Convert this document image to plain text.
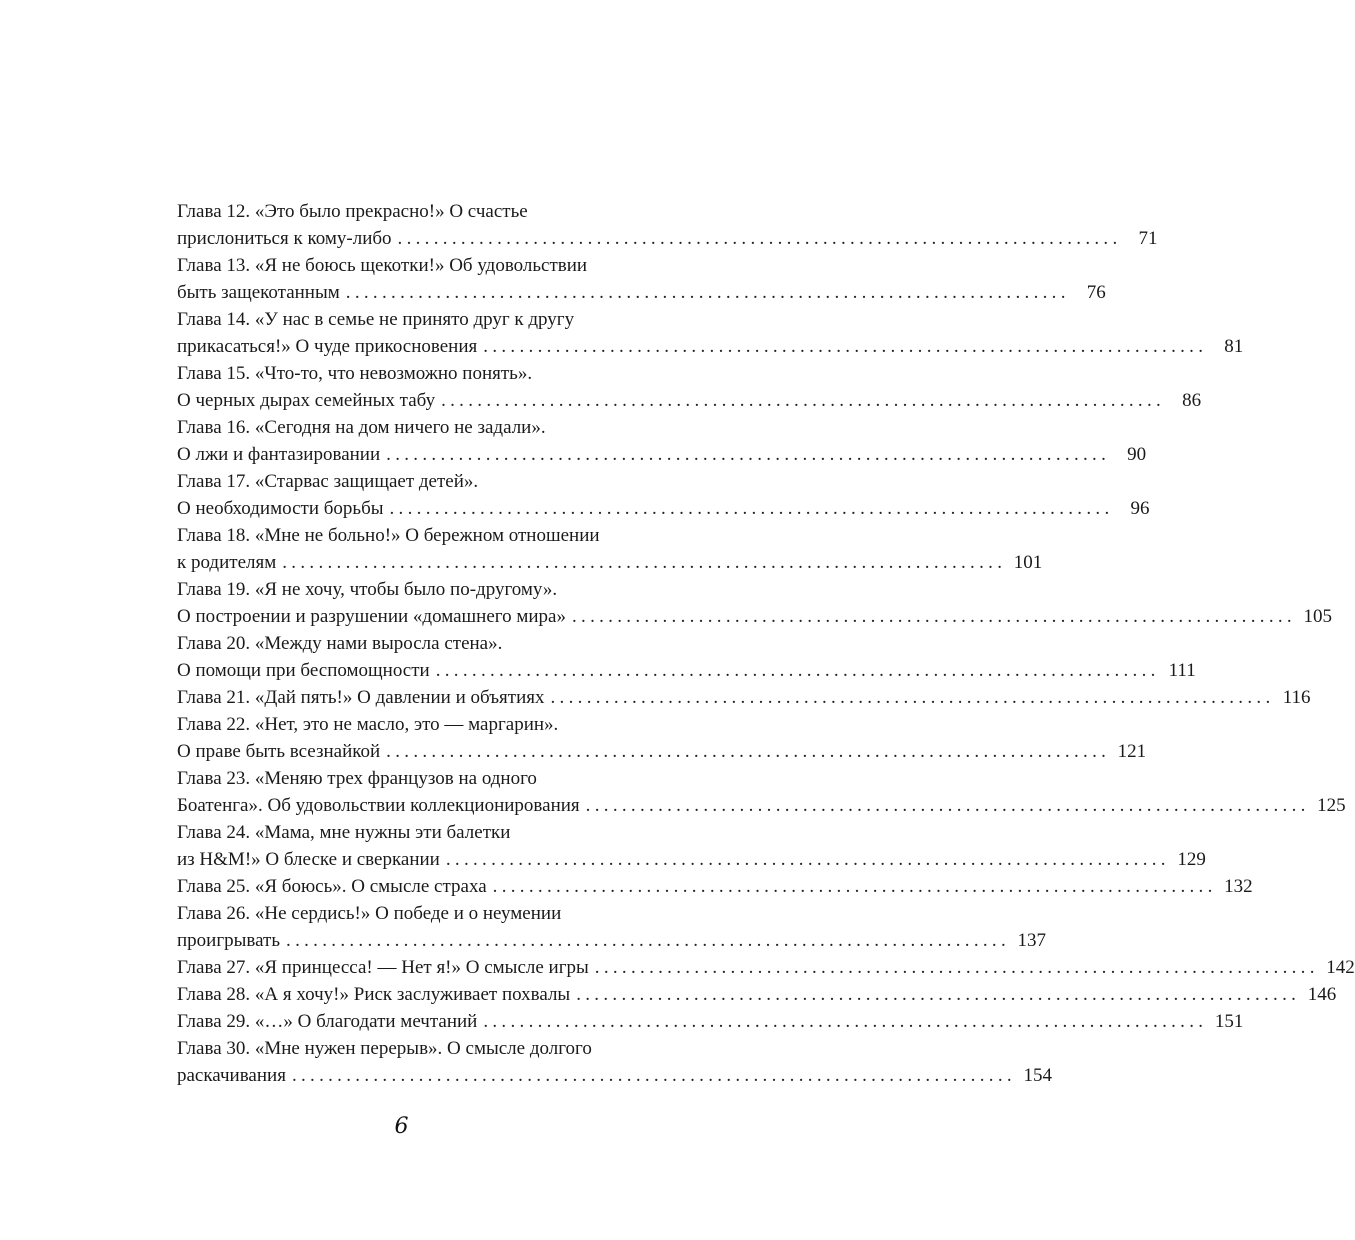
Глава 12. «Это было прекрасно!» О счастье
прислониться к кому-либо ................................................................................ 71
Глава 13. «Я не боюсь щекотки!» Об удовольствии
быть защекотанным ................................................................................ 76
Глава 14. «У нас в семье не принято друг к другу
прикасаться!» О чуде прикосновения ................................................................................ 81
Глава 15. «Что-то, что невозможно понять».
О черных дырах семейных табу ................................................................................ 86
Глава 16. «Сегодня на дом ничего не задали».
О лжи и фантазировании ................................................................................ 90
Глава 17. «Старвас защищает детей».
О необходимости борьбы ................................................................................ 96
Глава 18. «Мне не больно!» О бережном отношении
к родителям ................................................................................ 101
Глава 19. «Я не хочу, чтобы было по-другому».
О построении и разрушении «домашнего мира» ................................................................................ 105
Глава 20. «Между нами выросла стена».
О помощи при беспомощности ................................................................................ 111
Глава 21. «Дай пять!» О давлении и объятиях ................................................................................ 116
Глава 22. «Нет, это не масло, это — маргарин».
О праве быть всезнайкой ................................................................................ 121
Глава 23. «Меняю трех французов на одного
Боатенга». Об удовольствии коллекционирования ................................................................................ 125
Глава 24. «Мама, мне нужны эти балетки
из H&M!» О блеске и сверкании ................................................................................ 129
Глава 25. «Я боюсь». О смысле страха ................................................................................ 132
Глава 26. «Не сердись!» О победе и о неумении
проигрывать ................................................................................ 137
Глава 27. «Я принцесса! — Нет я!» О смысле игры ................................................................................ 142
Глава 28. «А я хочу!» Риск заслуживает похвалы ................................................................................ 146
Глава 29. «…» О благодати мечтаний ................................................................................ 151
Глава 30. «Мне нужен перерыв». О смысле долгого
раскачивания ................................................................................ 154
6
